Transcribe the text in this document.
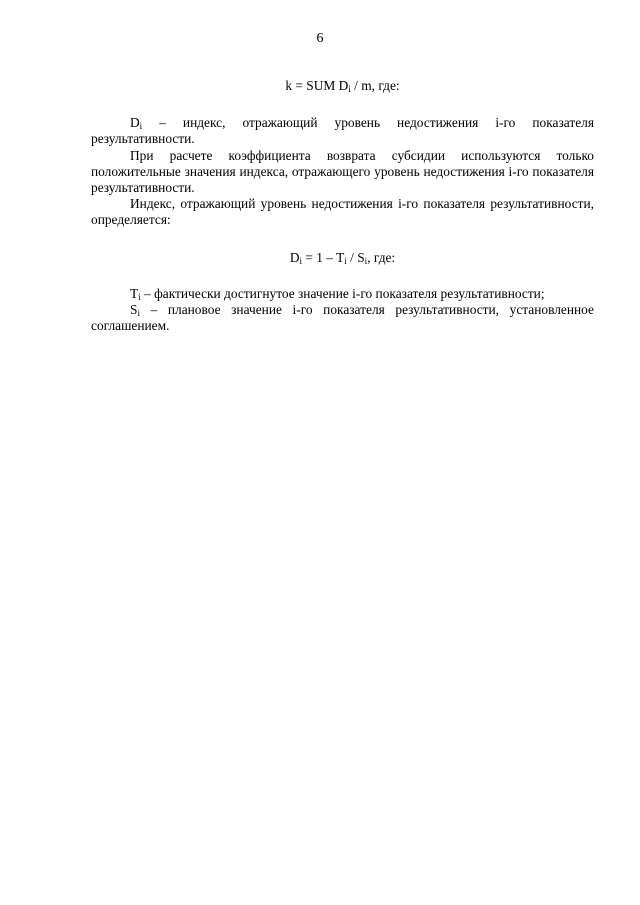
6

k = SUM $D_i$ / m, где:

$D_i$ – индекс, отражающий уровень недостижения i-го показателя результативности.

При расчете коэффициента возврата субсидии используются только положительные значения индекса, отражающего уровень недостижения i-го показателя результативности.

Индекс, отражающий уровень недостижения i-го показателя результативности, определяется:

$D_i = 1 - T_i / S_i$, где:

$T_i$ – фактически достигнутое значение i-го показателя результативности;

$S_i$ – плановое значение i-го показателя результативности, установленное соглашением.
